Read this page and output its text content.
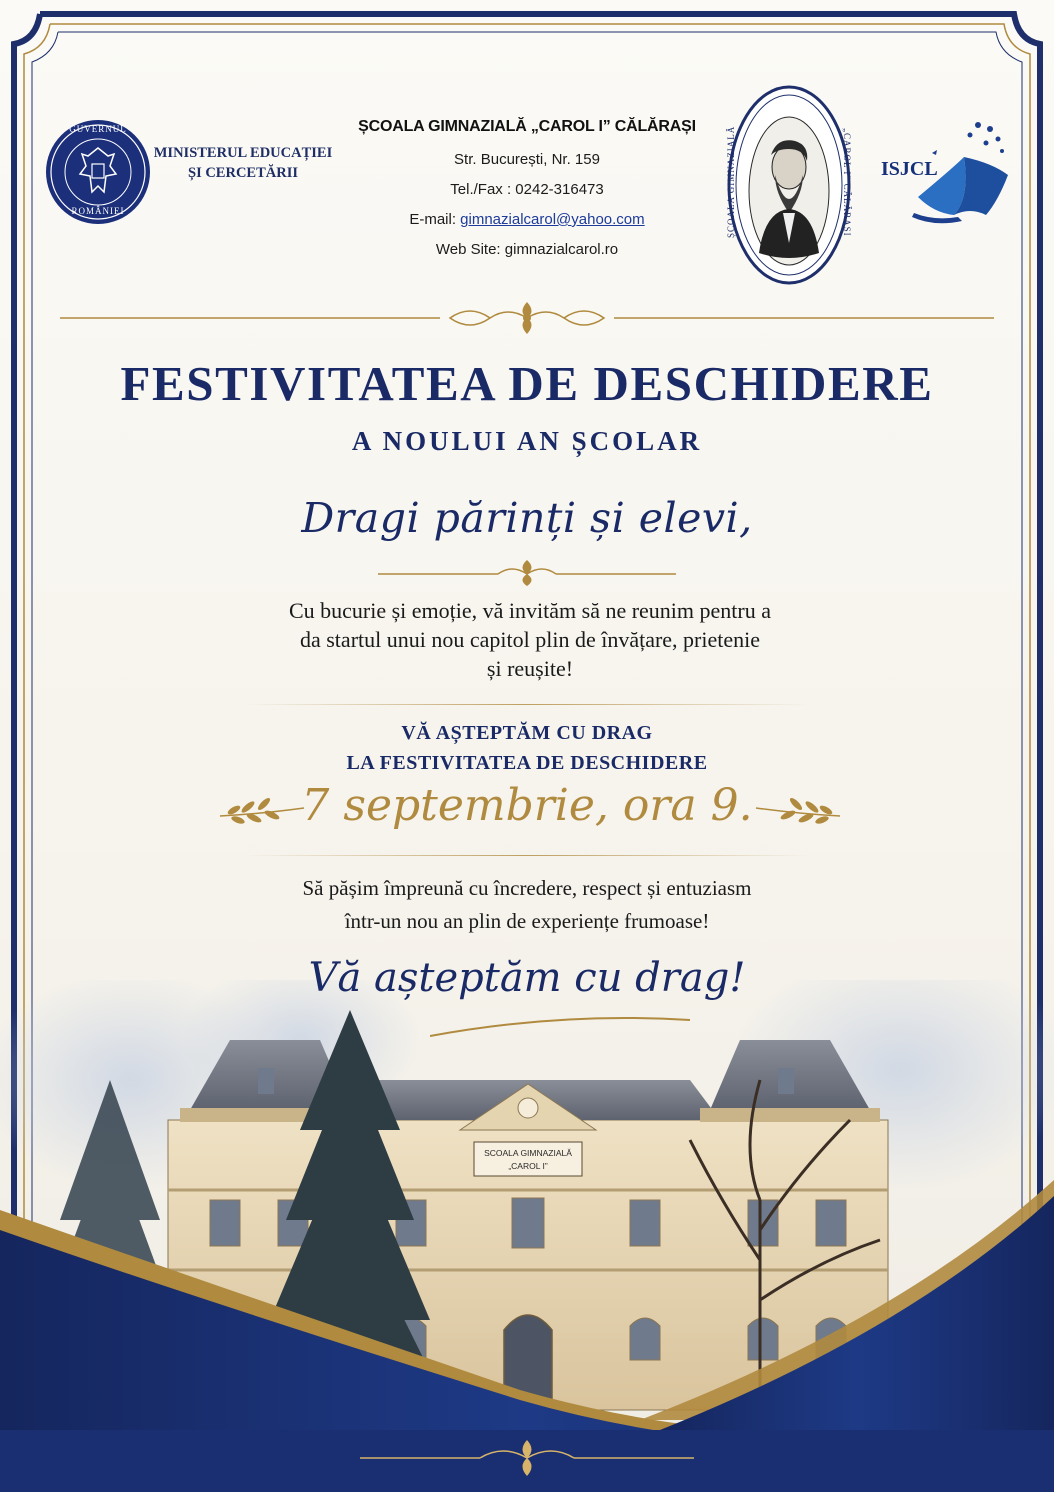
GUVERNUL
ROMÂNIEI
MINISTERUL EDUCAȚIEI
ȘI CERCETĂRII
ȘCOALA GIMNAZIALĂ „CAROL I” CĂLĂRAȘI
Str. București, Nr. 159
Tel./Fax : 0242-316473
E-mail: gimnazialcarol@yahoo.com
Web Site: gimnazialcarol.ro
ȘCOALA GIMNAZIALĂ	„CAROL I” CĂLĂRAȘI ISJCL
FESTIVITATEA DE DESCHIDERE
A NOULUI AN ȘCOLAR
Dragi părinți și elevi,
Cu bucurie și emoție, vă invităm să ne reunim pentru a
da startul unui nou capitol plin de învățare, prietenie
și reușite!
VĂ AȘTEPTĂM CU DRAG
LA FESTIVITATEA DE DESCHIDERE
7 septembrie, ora 9.
Să pășim împreună cu încredere, respect și entuziasm
într-un nou an plin de experiențe frumoase!
SCOALA GIMNAZIALĂ
„CAROL I”
Vă așteptăm cu drag!
